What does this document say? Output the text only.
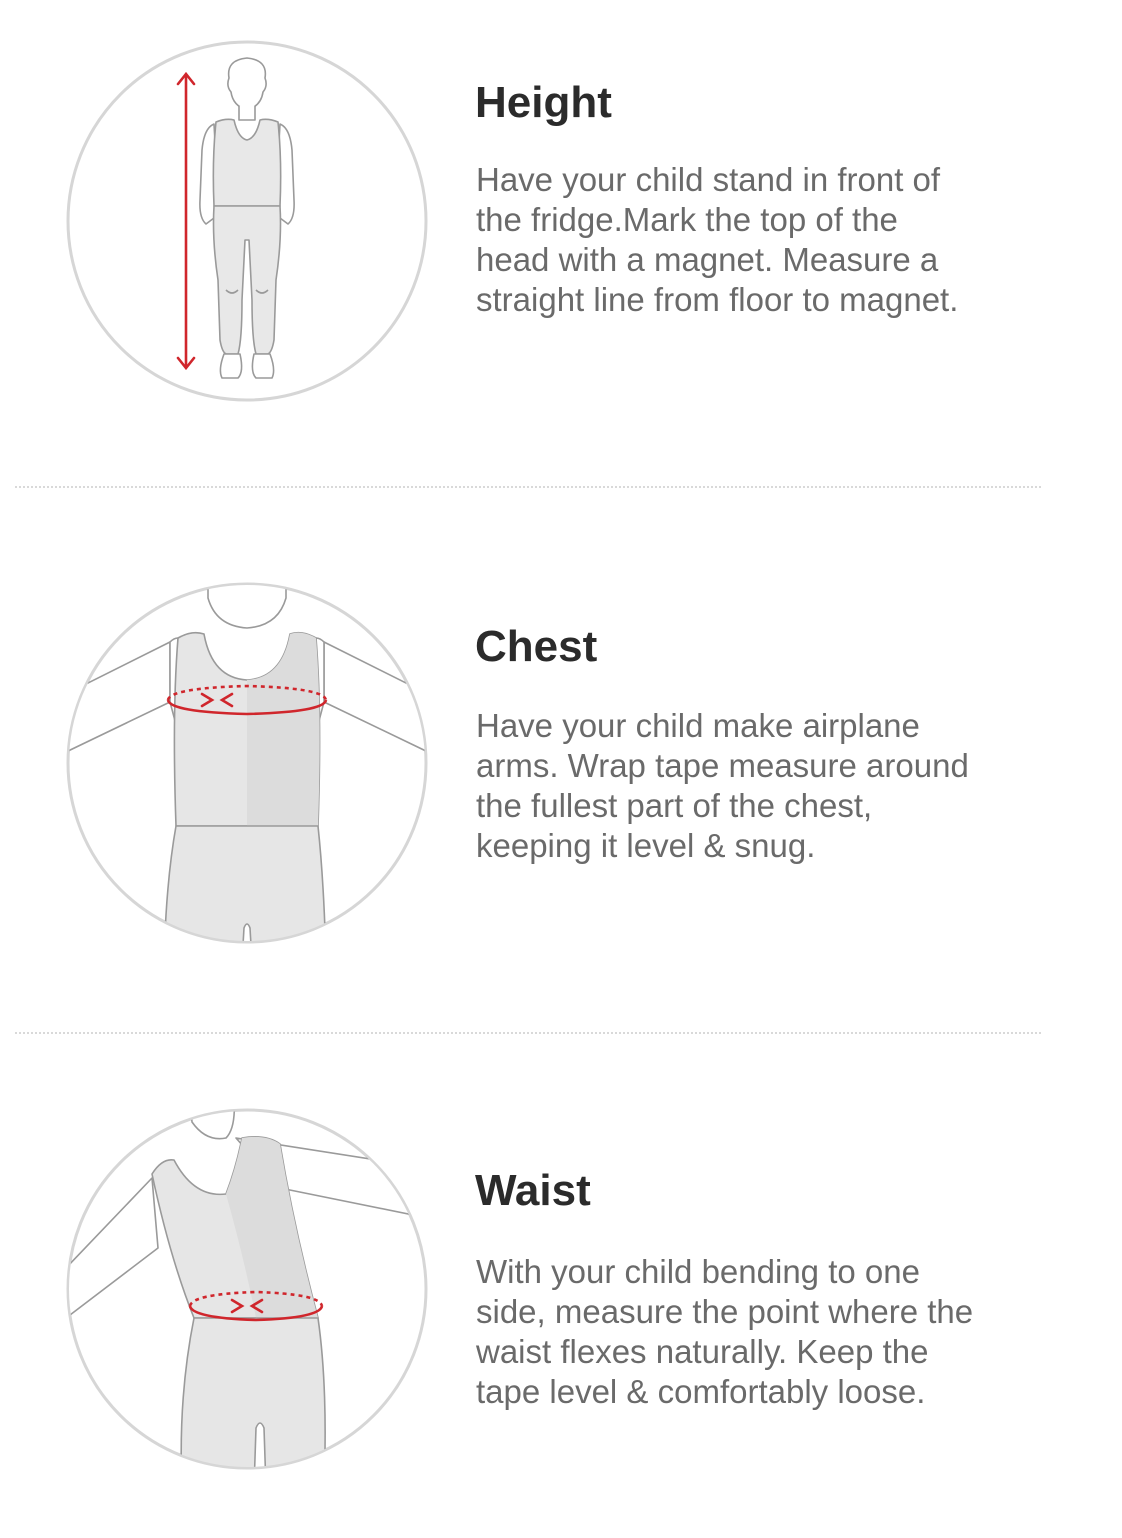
Height

Have your child stand in front of

the fridge.Mark the top of the

head with a magnet. Measure a

straight line from floor to magnet.

Chest

Have your child make airplane

arms. Wrap tape measure around

the fullest part of the chest,

keeping it level & snug.

Waist

With your child bending to one

side, measure the point where the

waist flexes naturally. Keep the

tape level & comfortably loose.
